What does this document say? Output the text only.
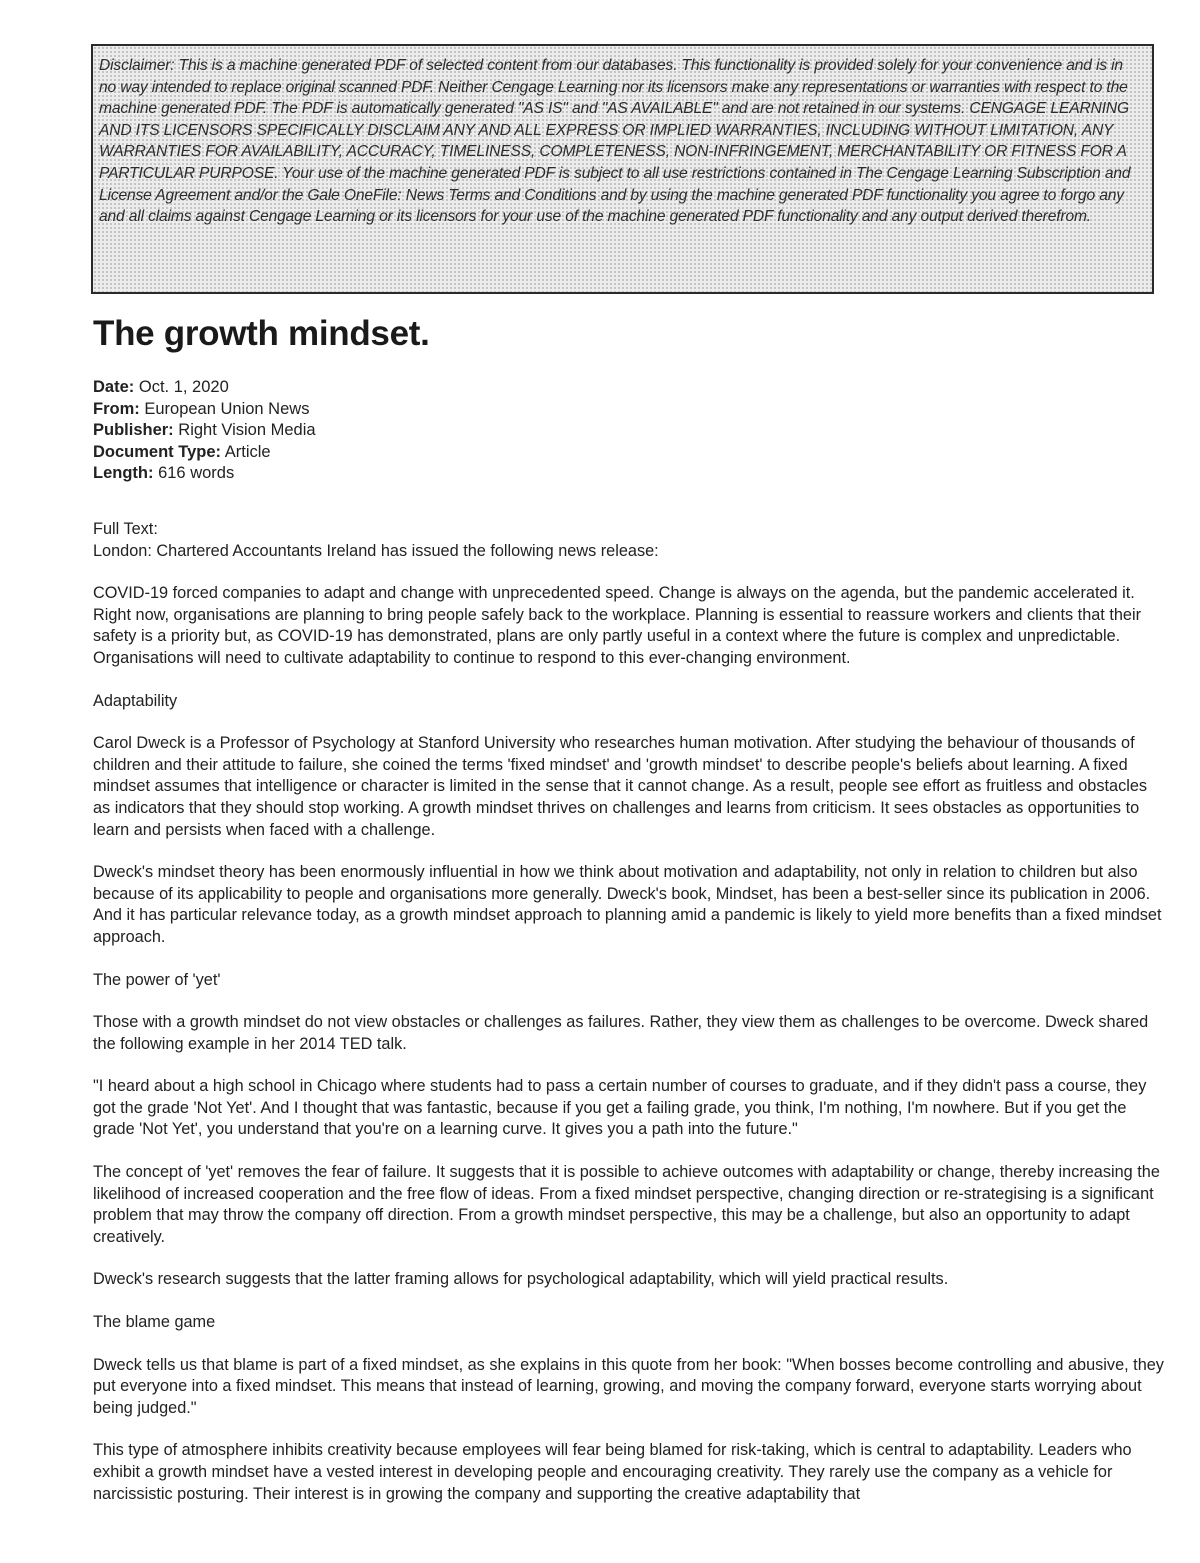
Disclaimer: This is a machine generated PDF of selected content from our databases. This functionality is provided solely for your convenience and is in no way intended to replace original scanned PDF. Neither Cengage Learning nor its licensors make any representations or warranties with respect to the machine generated PDF. The PDF is automatically generated "AS IS" and "AS AVAILABLE" and are not retained in our systems. CENGAGE LEARNING AND ITS LICENSORS SPECIFICALLY DISCLAIM ANY AND ALL EXPRESS OR IMPLIED WARRANTIES, INCLUDING WITHOUT LIMITATION, ANY WARRANTIES FOR AVAILABILITY, ACCURACY, TIMELINESS, COMPLETENESS, NON-INFRINGEMENT, MERCHANTABILITY OR FITNESS FOR A PARTICULAR PURPOSE. Your use of the machine generated PDF is subject to all use restrictions contained in The Cengage Learning Subscription and License Agreement and/or the Gale OneFile: News Terms and Conditions and by using the machine generated PDF functionality you agree to forgo any and all claims against Cengage Learning or its licensors for your use of the machine generated PDF functionality and any output derived therefrom.

The growth mindset.
Date: Oct. 1, 2020
From: European Union News
Publisher: Right Vision Media
Document Type: Article
Length: 616 words

Full Text:

London: Chartered Accountants Ireland has issued the following news release:

COVID-19 forced companies to adapt and change with unprecedented speed. Change is always on the agenda, but the pandemic accelerated it. Right now, organisations are planning to bring people safely back to the workplace. Planning is essential to reassure workers and clients that their safety is a priority but, as COVID-19 has demonstrated, plans are only partly useful in a context where the future is complex and unpredictable. Organisations will need to cultivate adaptability to continue to respond to this ever-changing environment.

Adaptability

Carol Dweck is a Professor of Psychology at Stanford University who researches human motivation. After studying the behaviour of thousands of children and their attitude to failure, she coined the terms 'fixed mindset' and 'growth mindset' to describe people's beliefs about learning. A fixed mindset assumes that intelligence or character is limited in the sense that it cannot change. As a result, people see effort as fruitless and obstacles as indicators that they should stop working. A growth mindset thrives on challenges and learns from criticism. It sees obstacles as opportunities to learn and persists when faced with a challenge.

Dweck's mindset theory has been enormously influential in how we think about motivation and adaptability, not only in relation to children but also because of its applicability to people and organisations more generally. Dweck's book, Mindset, has been a best-seller since its publication in 2006. And it has particular relevance today, as a growth mindset approach to planning amid a pandemic is likely to yield more benefits than a fixed mindset approach.

The power of 'yet'

Those with a growth mindset do not view obstacles or challenges as failures. Rather, they view them as challenges to be overcome. Dweck shared the following example in her 2014 TED talk.

"I heard about a high school in Chicago where students had to pass a certain number of courses to graduate, and if they didn't pass a course, they got the grade 'Not Yet'. And I thought that was fantastic, because if you get a failing grade, you think, I'm nothing, I'm nowhere. But if you get the grade 'Not Yet', you understand that you're on a learning curve. It gives you a path into the future."

The concept of 'yet' removes the fear of failure. It suggests that it is possible to achieve outcomes with adaptability or change, thereby increasing the likelihood of increased cooperation and the free flow of ideas. From a fixed mindset perspective, changing direction or re-strategising is a significant problem that may throw the company off direction. From a growth mindset perspective, this may be a challenge, but also an opportunity to adapt creatively.

Dweck's research suggests that the latter framing allows for psychological adaptability, which will yield practical results.

The blame game

Dweck tells us that blame is part of a fixed mindset, as she explains in this quote from her book: "When bosses become controlling and abusive, they put everyone into a fixed mindset. This means that instead of learning, growing, and moving the company forward, everyone starts worrying about being judged."

This type of atmosphere inhibits creativity because employees will fear being blamed for risk-taking, which is central to adaptability. Leaders who exhibit a growth mindset have a vested interest in developing people and encouraging creativity. They rarely use the company as a vehicle for narcissistic posturing. Their interest is in growing the company and supporting the creative adaptability that
